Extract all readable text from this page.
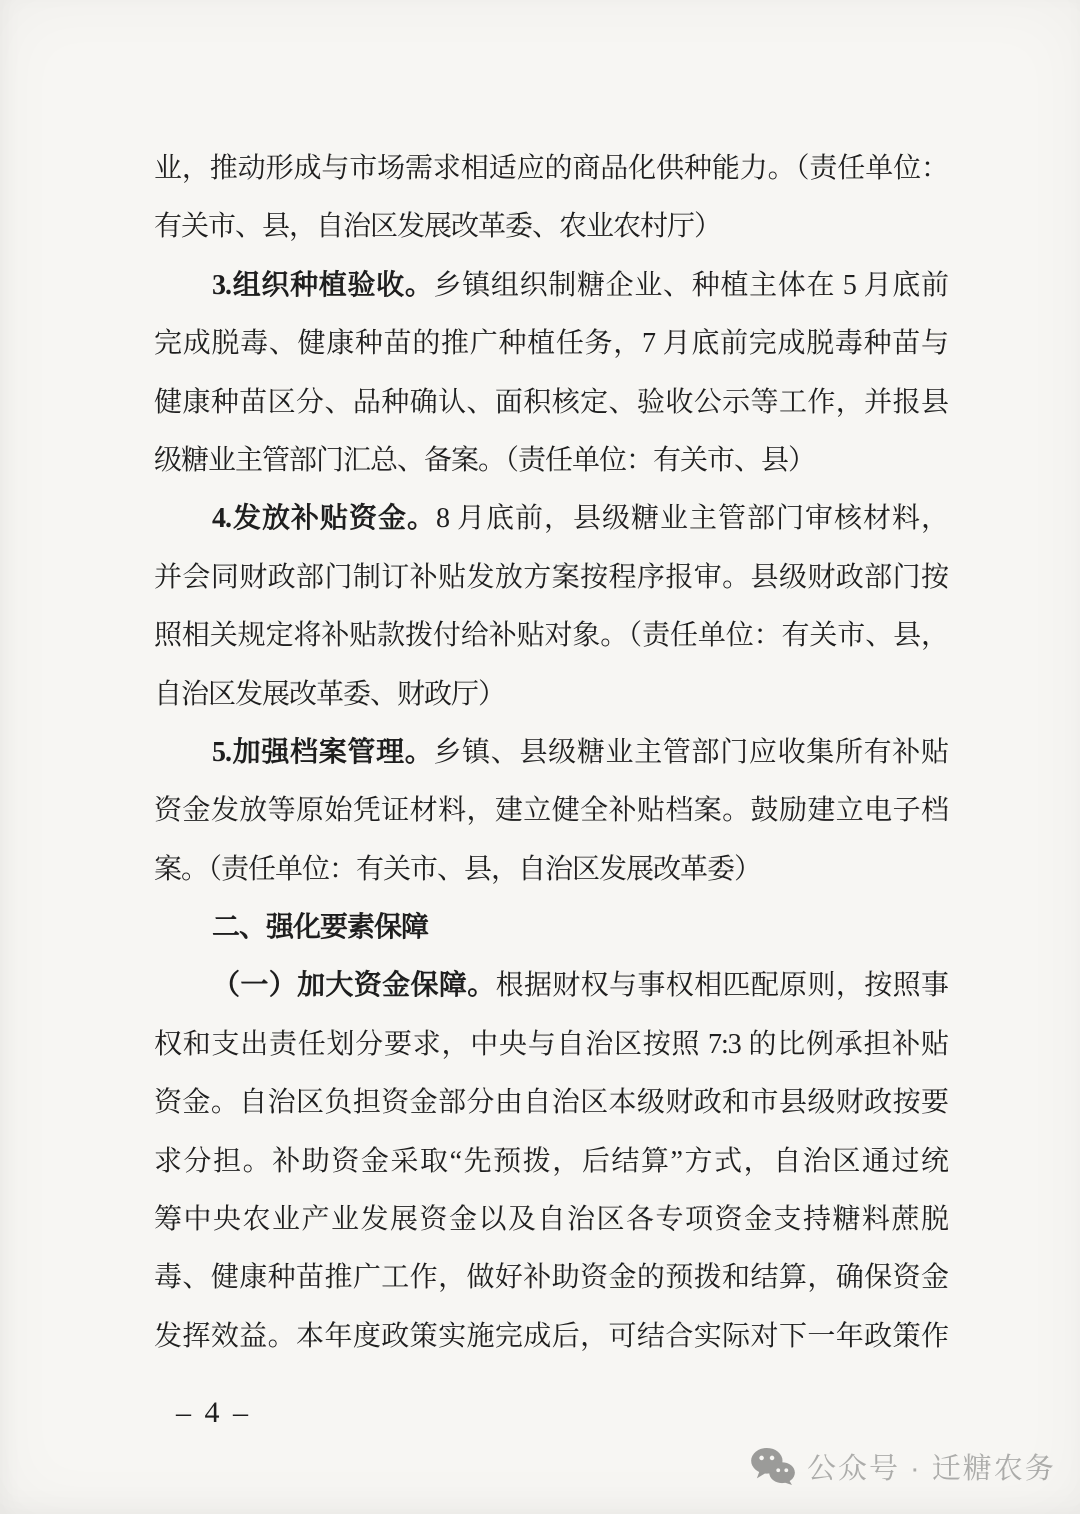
业，推动形成与市场需求相适应的商品化供种能力。（责任单位：
有关市、县，自治区发展改革委、农业农村厅）
3.组织种植验收。乡镇组织制糖企业、种植主体在 5 月底前
完成脱毒、健康种苗的推广种植任务，7 月底前完成脱毒种苗与
健康种苗区分、品种确认、面积核定、验收公示等工作，并报县
级糖业主管部门汇总、备案。（责任单位：有关市、县）
4.发放补贴资金。8 月底前，县级糖业主管部门审核材料，
并会同财政部门制订补贴发放方案按程序报审。县级财政部门按
照相关规定将补贴款拨付给补贴对象。（责任单位：有关市、县，
自治区发展改革委、财政厅）
5.加强档案管理。乡镇、县级糖业主管部门应收集所有补贴
资金发放等原始凭证材料，建立健全补贴档案。鼓励建立电子档
案。（责任单位：有关市、县，自治区发展改革委）
二、强化要素保障
（一）加大资金保障。根据财权与事权相匹配原则，按照事
权和支出责任划分要求，中央与自治区按照 7:3 的比例承担补贴
资金。自治区负担资金部分由自治区本级财政和市县级财政按要
求分担。补助资金采取“先预拨，后结算”方式，自治区通过统
筹中央农业产业发展资金以及自治区各专项资金支持糖料蔗脱
毒、健康种苗推广工作，做好补助资金的预拨和结算，确保资金
发挥效益。本年度政策实施完成后，可结合实际对下一年政策作
– 4 –
公众号 · 迁糖农务
